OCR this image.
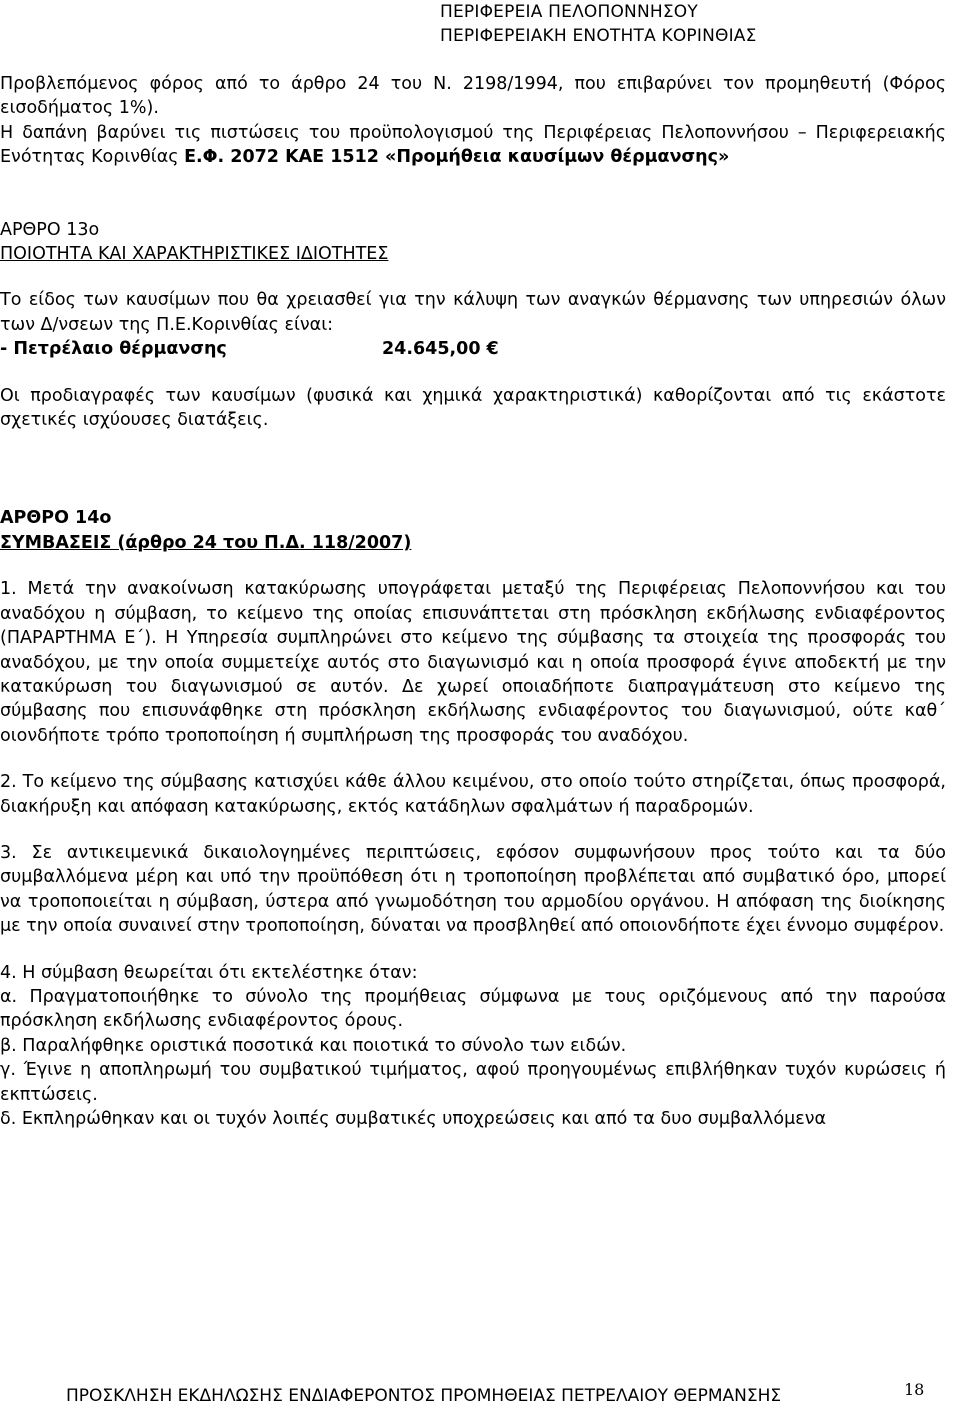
ΠΕΡΙΦΕΡΕΙΑ ΠΕΛΟΠΟΝΝΗΣΟΥ
ΠΕΡΙΦΕΡΕΙΑΚΗ ΕΝΟΤΗΤΑ ΚΟΡΙΝΘΙΑΣ

Προβλεπόμενος φόρος από το άρθρο 24 του Ν. 2198/1994, που επιβαρύνει τον προμηθευτή (Φόρος εισοδήματος 1%).

Η δαπάνη βαρύνει τις πιστώσεις του προϋπολογισμού της Περιφέρειας Πελοποννήσου – Περιφερειακής Ενότητας Κορινθίας Ε.Φ. 2072 ΚΑΕ 1512 «Προμήθεια καυσίμων θέρμανσης»

ΑΡΘΡΟ 13ο

ΠΟΙΟΤΗΤΑ ΚΑΙ ΧΑΡΑΚΤΗΡΙΣΤΙΚΕΣ ΙΔΙΟΤΗΤΕΣ

Το είδος των καυσίμων που θα χρειασθεί για την κάλυψη των αναγκών θέρμανσης των υπηρεσιών όλων των Δ/νσεων της Π.Ε.Κορινθίας είναι:

- Πετρέλαιο θέρμανσης	24.645,00 €

Οι προδιαγραφές των καυσίμων (φυσικά και χημικά χαρακτηριστικά) καθορίζονται από τις εκάστοτε σχετικές ισχύουσες διατάξεις.

ΑΡΘΡΟ 14ο

ΣΥΜΒΑΣΕΙΣ (άρθρο 24 του Π.Δ. 118/2007)

1. Μετά την ανακοίνωση κατακύρωσης υπογράφεται μεταξύ της Περιφέρειας Πελοποννήσου και του αναδόχου η σύμβαση, το κείμενο της οποίας επισυνάπτεται στη πρόσκληση εκδήλωσης ενδιαφέροντος (ΠΑΡΑΡΤΗΜΑ Ε΄). Η Υπηρεσία συμπληρώνει στο κείμενο της σύμβασης τα στοιχεία της προσφοράς του αναδόχου, με την οποία συμμετείχε αυτός στο διαγωνισμό και η οποία προσφορά έγινε αποδεκτή με την κατακύρωση του διαγωνισμού σε αυτόν. Δε χωρεί οποιαδήποτε διαπραγμάτευση στο κείμενο της σύμβασης που επισυνάφθηκε στη πρόσκληση εκδήλωσης ενδιαφέροντος του διαγωνισμού, ούτε καθ΄ οιονδήποτε τρόπο τροποποίηση ή συμπλήρωση της προσφοράς του αναδόχου.

2. Το κείμενο της σύμβασης κατισχύει κάθε άλλου κειμένου, στο οποίο τούτο στηρίζεται, όπως προσφορά, διακήρυξη και απόφαση κατακύρωσης, εκτός κατάδηλων σφαλμάτων ή παραδρομών.

3. Σε αντικειμενικά δικαιολογημένες περιπτώσεις, εφόσον συμφωνήσουν προς τούτο και τα δύο συμβαλλόμενα μέρη και υπό την προϋπόθεση ότι η τροποποίηση προβλέπεται από συμβατικό όρο, μπορεί να τροποποιείται η σύμβαση, ύστερα από γνωμοδότηση του αρμοδίου οργάνου. Η απόφαση της διοίκησης με την οποία συναινεί στην τροποποίηση, δύναται να προσβληθεί από οποιονδήποτε έχει έννομο συμφέρον.

4. Η σύμβαση θεωρείται ότι εκτελέστηκε όταν:

α. Πραγματοποιήθηκε το σύνολο της προμήθειας σύμφωνα με τους οριζόμενους από την παρούσα πρόσκληση εκδήλωσης ενδιαφέροντος όρους.

β. Παραλήφθηκε οριστικά ποσοτικά και ποιοτικά το σύνολο των ειδών.

γ. Έγινε η αποπληρωμή του συμβατικού τιμήματος, αφού προηγουμένως επιβλήθηκαν τυχόν κυρώσεις ή εκπτώσεις.

δ. Εκπληρώθηκαν και οι τυχόν λοιπές συμβατικές υποχρεώσεις και από τα δυο συμβαλλόμενα

ΠΡΟΣΚΛΗΣΗ ΕΚΔΗΛΩΣΗΣ ΕΝΔΙΑΦΕΡΟΝΤΟΣ ΠΡΟΜΗΘΕΙΑΣ ΠΕΤΡΕΛΑΙΟΥ ΘΕΡΜΑΝΣΗΣ	18
